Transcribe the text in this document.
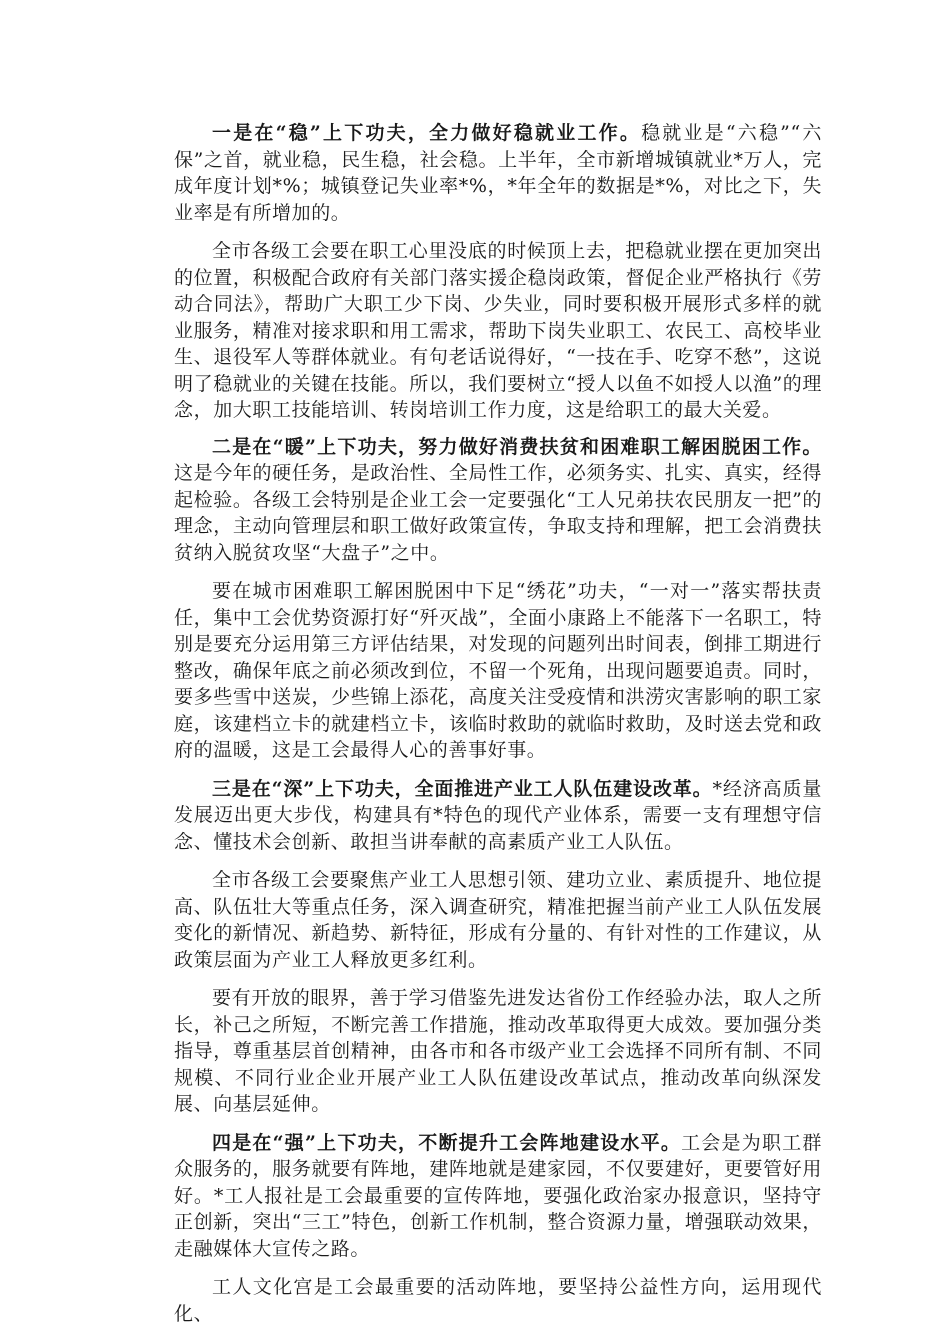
一是在“稳”上下功夫，全力做好稳就业工作。稳就业是“六稳”“六保”之首，就业稳，民生稳，社会稳。上半年，全市新增城镇就业*万人，完成年度计划*%；城镇登记失业率*%，*年全年的数据是*%，对比之下，失业率是有所增加的。

全市各级工会要在职工心里没底的时候顶上去，把稳就业摆在更加突出的位置，积极配合政府有关部门落实援企稳岗政策，督促企业严格执行《劳动合同法》，帮助广大职工少下岗、少失业，同时要积极开展形式多样的就业服务，精准对接求职和用工需求，帮助下岗失业职工、农民工、高校毕业生、退役军人等群体就业。有句老话说得好，“一技在手、吃穿不愁”，这说明了稳就业的关键在技能。所以，我们要树立“授人以鱼不如授人以渔”的理念，加大职工技能培训、转岗培训工作力度，这是给职工的最大关爱。

二是在“暖”上下功夫，努力做好消费扶贫和困难职工解困脱困工作。这是今年的硬任务，是政治性、全局性工作，必须务实、扎实、真实，经得起检验。各级工会特别是企业工会一定要强化“工人兄弟扶农民朋友一把”的理念，主动向管理层和职工做好政策宣传，争取支持和理解，把工会消费扶贫纳入脱贫攻坚“大盘子”之中。

要在城市困难职工解困脱困中下足“绣花”功夫，“一对一”落实帮扶责任，集中工会优势资源打好“歼灭战”，全面小康路上不能落下一名职工，特别是要充分运用第三方评估结果，对发现的问题列出时间表，倒排工期进行整改，确保年底之前必须改到位，不留一个死角，出现问题要追责。同时，要多些雪中送炭，少些锦上添花，高度关注受疫情和洪涝灾害影响的职工家庭，该建档立卡的就建档立卡，该临时救助的就临时救助，及时送去党和政府的温暖，这是工会最得人心的善事好事。

三是在“深”上下功夫，全面推进产业工人队伍建设改革。*经济高质量发展迈出更大步伐，构建具有*特色的现代产业体系，需要一支有理想守信念、懂技术会创新、敢担当讲奉献的高素质产业工人队伍。

全市各级工会要聚焦产业工人思想引领、建功立业、素质提升、地位提高、队伍壮大等重点任务，深入调查研究，精准把握当前产业工人队伍发展变化的新情况、新趋势、新特征，形成有分量的、有针对性的工作建议，从政策层面为产业工人释放更多红利。

要有开放的眼界，善于学习借鉴先进发达省份工作经验办法，取人之所长，补己之所短，不断完善工作措施，推动改革取得更大成效。要加强分类指导，尊重基层首创精神，由各市和各市级产业工会选择不同所有制、不同规模、不同行业企业开展产业工人队伍建设改革试点，推动改革向纵深发展、向基层延伸。

四是在“强”上下功夫，不断提升工会阵地建设水平。工会是为职工群众服务的，服务就要有阵地，建阵地就是建家园，不仅要建好，更要管好用好。*工人报社是工会最重要的宣传阵地，要强化政治家办报意识，坚持守正创新，突出“三工”特色，创新工作机制，整合资源力量，增强联动效果，走融媒体大宣传之路。

工人文化宫是工会最重要的活动阵地，要坚持公益性方向，运用现代化、
